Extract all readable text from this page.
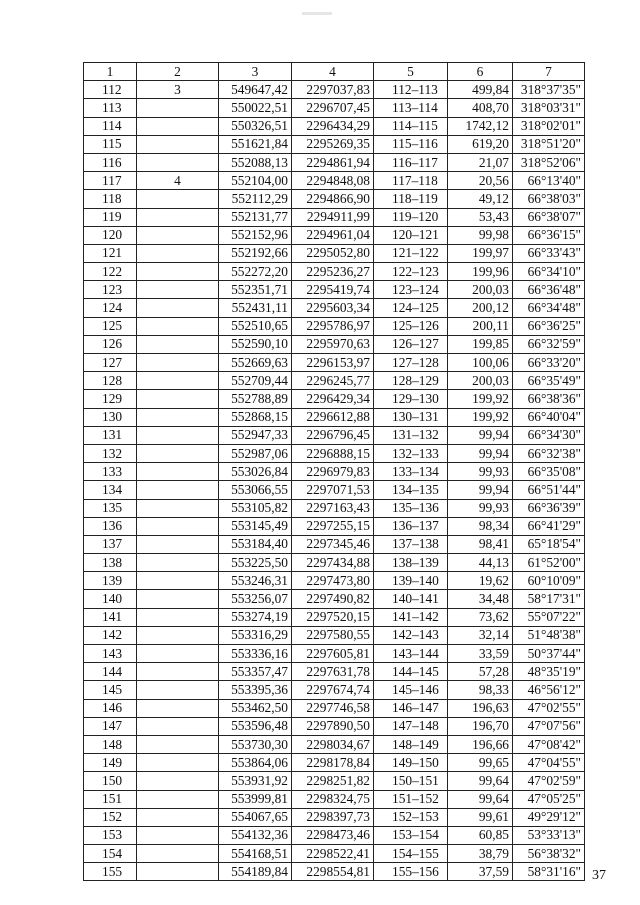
1	2	3	4	5	6	7
112	3	549647,42	2297037,83	112–113	499,84	318°37'35"
113		550022,51	2296707,45	113–114	408,70	318°03'31"
114		550326,51	2296434,29	114–115	1742,12	318°02'01"
115		551621,84	2295269,35	115–116	619,20	318°51'20"
116		552088,13	2294861,94	116–117	21,07	318°52'06"
117	4	552104,00	2294848,08	117–118	20,56	66°13'40"
118		552112,29	2294866,90	118–119	49,12	66°38'03"
119		552131,77	2294911,99	119–120	53,43	66°38'07"
120		552152,96	2294961,04	120–121	99,98	66°36'15"
121		552192,66	2295052,80	121–122	199,97	66°33'43"
122		552272,20	2295236,27	122–123	199,96	66°34'10"
123		552351,71	2295419,74	123–124	200,03	66°36'48"
124		552431,11	2295603,34	124–125	200,12	66°34'48"
125		552510,65	2295786,97	125–126	200,11	66°36'25"
126		552590,10	2295970,63	126–127	199,85	66°32'59"
127		552669,63	2296153,97	127–128	100,06	66°33'20"
128		552709,44	2296245,77	128–129	200,03	66°35'49"
129		552788,89	2296429,34	129–130	199,92	66°38'36"
130		552868,15	2296612,88	130–131	199,92	66°40'04"
131		552947,33	2296796,45	131–132	99,94	66°34'30"
132		552987,06	2296888,15	132–133	99,94	66°32'38"
133		553026,84	2296979,83	133–134	99,93	66°35'08"
134		553066,55	2297071,53	134–135	99,94	66°51'44"
135		553105,82	2297163,43	135–136	99,93	66°36'39"
136		553145,49	2297255,15	136–137	98,34	66°41'29"
137		553184,40	2297345,46	137–138	98,41	65°18'54"
138		553225,50	2297434,88	138–139	44,13	61°52'00"
139		553246,31	2297473,80	139–140	19,62	60°10'09"
140		553256,07	2297490,82	140–141	34,48	58°17'31"
141		553274,19	2297520,15	141–142	73,62	55°07'22"
142		553316,29	2297580,55	142–143	32,14	51°48'38"
143		553336,16	2297605,81	143–144	33,59	50°37'44"
144		553357,47	2297631,78	144–145	57,28	48°35'19"
145		553395,36	2297674,74	145–146	98,33	46°56'12"
146		553462,50	2297746,58	146–147	196,63	47°02'55"
147		553596,48	2297890,50	147–148	196,70	47°07'56"
148		553730,30	2298034,67	148–149	196,66	47°08'42"
149		553864,06	2298178,84	149–150	99,65	47°04'55"
150		553931,92	2298251,82	150–151	99,64	47°02'59"
151		553999,81	2298324,75	151–152	99,64	47°05'25"
152		554067,65	2298397,73	152–153	99,61	49°29'12"
153		554132,36	2298473,46	153–154	60,85	53°33'13"
154		554168,51	2298522,41	154–155	38,79	56°38'32"
155		554189,84	2298554,81	155–156	37,59	58°31'16" 37
